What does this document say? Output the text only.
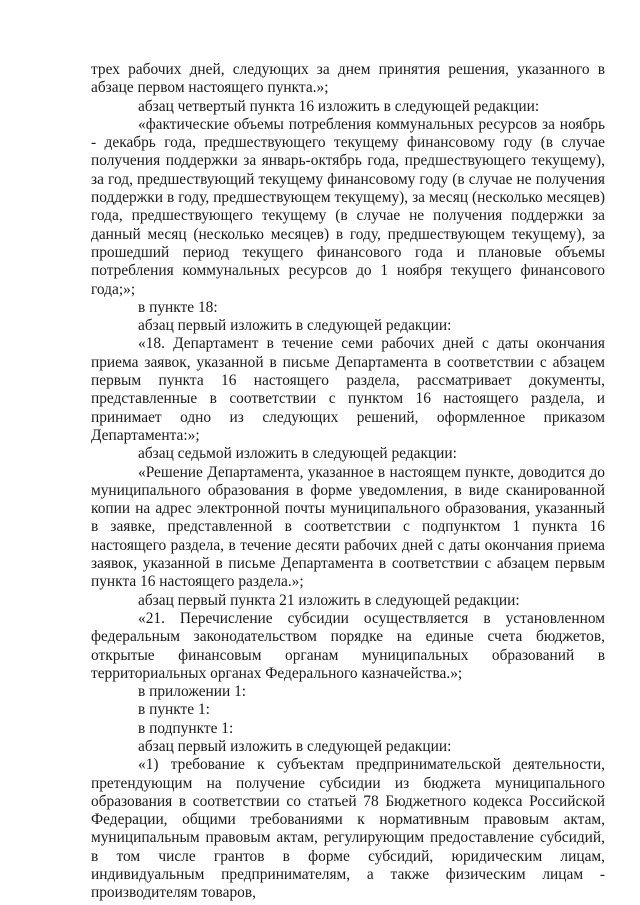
трех рабочих дней, следующих за днем принятия решения, указанного в абзаце первом настоящего пункта.»;

абзац четвертый пункта 16 изложить в следующей редакции:

«фактические объемы потребления коммунальных ресурсов за ноябрь - декабрь года, предшествующего текущему финансовому году (в случае получения поддержки за январь-октябрь года, предшествующего текущему), за год, предшествующий текущему финансовому году (в случае не получения поддержки в году, предшествующем текущему), за месяц (несколько месяцев) года, предшествующего текущему (в случае не получения поддержки за данный месяц (несколько месяцев) в году, предшествующем текущему), за прошедший период текущего финансового года и плановые объемы потребления коммунальных ресурсов до 1 ноября текущего финансового года;»;

в пункте 18:

абзац первый изложить в следующей редакции:

«18. Департамент в течение семи рабочих дней с даты окончания приема заявок, указанной в письме Департамента в соответствии с абзацем первым пункта 16 настоящего раздела, рассматривает документы, представленные в соответствии с пунктом 16 настоящего раздела, и принимает одно из следующих решений, оформленное приказом Департамента:»;

абзац седьмой изложить в следующей редакции:

«Решение Департамента, указанное в настоящем пункте, доводится до муниципального образования в форме уведомления, в виде сканированной копии на адрес электронной почты муниципального образования, указанный в заявке, представленной в соответствии с подпунктом 1 пункта 16 настоящего раздела, в течение десяти рабочих дней с даты окончания приема заявок, указанной в письме Департамента в соответствии с абзацем первым пункта 16 настоящего раздела.»;

абзац первый пункта 21 изложить в следующей редакции:

«21. Перечисление субсидии осуществляется в установленном федеральным законодательством порядке на единые счета бюджетов, открытые финансовым органам муниципальных образований в территориальных органах Федерального казначейства.»;

в приложении 1:

в пункте 1:

в подпункте 1:

абзац первый изложить в следующей редакции:

«1) требование к субъектам предпринимательской деятельности, претендующим на получение субсидии из бюджета муниципального образования в соответствии со статьей 78 Бюджетного кодекса Российской Федерации, общими требованиями к нормативным правовым актам, муниципальным правовым актам, регулирующим предоставление субсидий, в том числе грантов в форме субсидий, юридическим лицам, индивидуальным предпринимателям, а также физическим лицам - производителям товаров,
